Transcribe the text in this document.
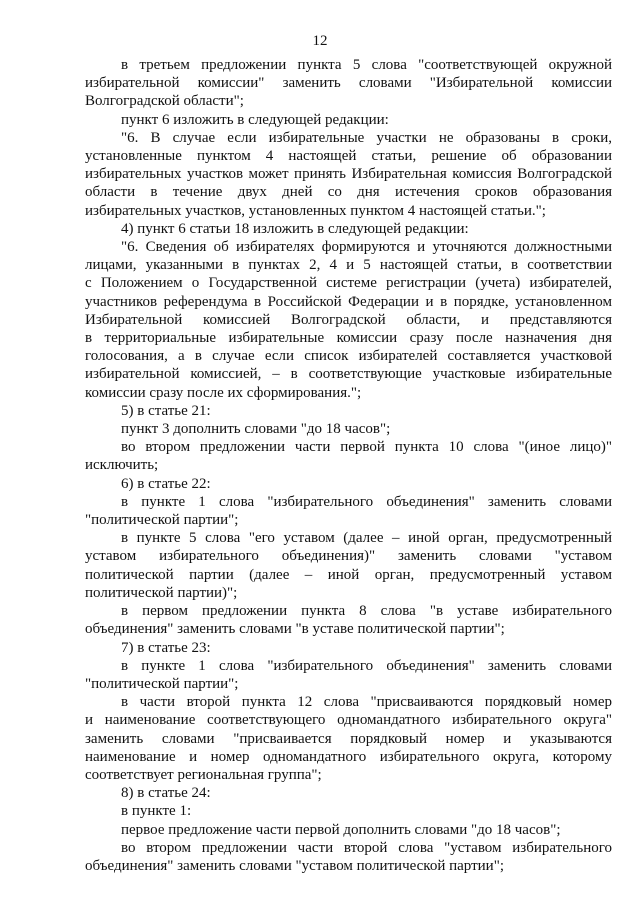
12
в третьем предложении пункта 5 слова "соответствующей окружной
избирательной комиссии" заменить словами "Избирательной комиссии
Волгоградской области";
пункт 6 изложить в следующей редакции:
"6. В случае если избирательные участки не образованы в сроки,
установленные пунктом 4 настоящей статьи, решение об образовании
избирательных участков может принять Избирательная комиссия Волгоградской
области в течение двух дней со дня истечения сроков образования
избирательных участков, установленных пунктом 4 настоящей статьи.";
4) пункт 6 статьи 18 изложить в следующей редакции:
"6. Сведения об избирателях формируются и уточняются должностными
лицами, указанными в пунктах 2, 4 и 5 настоящей статьи, в соответствии
с Положением о Государственной системе регистрации (учета) избирателей,
участников референдума в Российской Федерации и в порядке, установленном
Избирательной комиссией Волгоградской области, и представляются
в территориальные избирательные комиссии сразу после назначения дня
голосования, а в случае если список избирателей составляется участковой
избирательной комиссией, – в соответствующие участковые избирательные
комиссии сразу после их сформирования.";
5) в статье 21:
пункт 3 дополнить словами "до 18 часов";
во втором предложении части первой пункта 10 слова "(иное лицо)"
исключить;
6) в статье 22:
в пункте 1 слова "избирательного объединения" заменить словами
"политической партии";
в пункте 5 слова "его уставом (далее – иной орган, предусмотренный
уставом избирательного объединения)" заменить словами "уставом
политической партии (далее – иной орган, предусмотренный уставом
политической партии)";
в первом предложении пункта 8 слова "в уставе избирательного
объединения" заменить словами "в уставе политической партии";
7) в статье 23:
в пункте 1 слова "избирательного объединения" заменить словами
"политической партии";
в части второй пункта 12 слова "присваиваются порядковый номер
и наименование соответствующего одномандатного избирательного округа"
заменить словами "присваивается порядковый номер и указываются
наименование и номер одномандатного избирательного округа, которому
соответствует региональная группа";
8) в статье 24:
в пункте 1:
первое предложение части первой дополнить словами "до 18 часов";
во втором предложении части второй слова "уставом избирательного
объединения" заменить словами "уставом политической партии";
